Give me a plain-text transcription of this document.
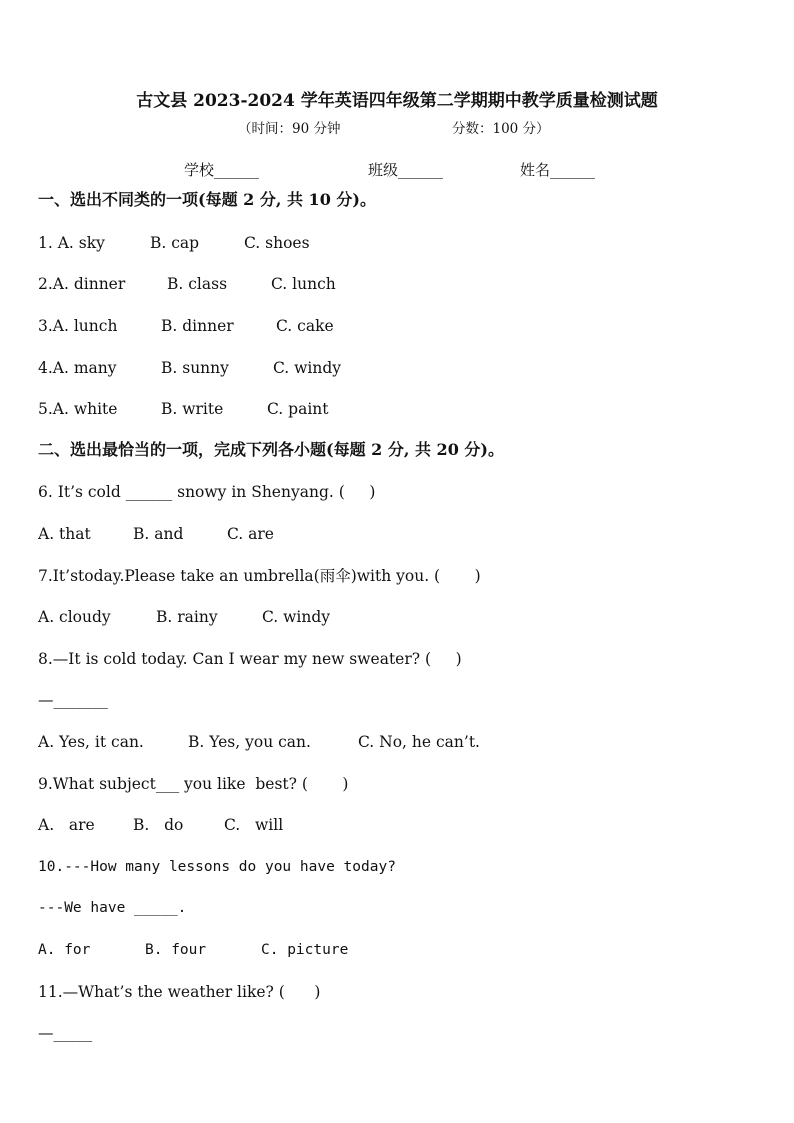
古文县 2023-2024 学年英语四年级第二学期期中教学质量检测试题
（时间：90 分钟	分数：100 分）
学校______	班级______	姓名______
一、选出不同类的一项(每题 2 分, 共 10 分)。
1. A. sky	B. cap	C. shoes
2.A. dinner	B. class	C. lunch
3.A. lunch	B. dinner	C. cake
4.A. many	B. sunny	C. windy
5.A. white	B. write	C. paint
二、选出最恰当的一项，完成下列各小题(每题 2 分, 共 20 分)。
6. It’s cold ______ snowy in Shenyang. (     )
A. that	B. and	C. are
7.It’stoday.Please take an umbrella(雨伞)with you. (       )
A. cloudy	B. rainy	C. windy
8.—It is cold today. Can I wear my new sweater? (     )
—_______
A. Yes, it can.	B. Yes, you can.	C. No, he can’t.
9.What subject___ you like  best? (       )
A.   are B.   do	C.   will
10.---How many lessons do you have today?
---We have _____.
A. for	B. four	C. picture
11.—What’s the weather like? (      )
—_____
